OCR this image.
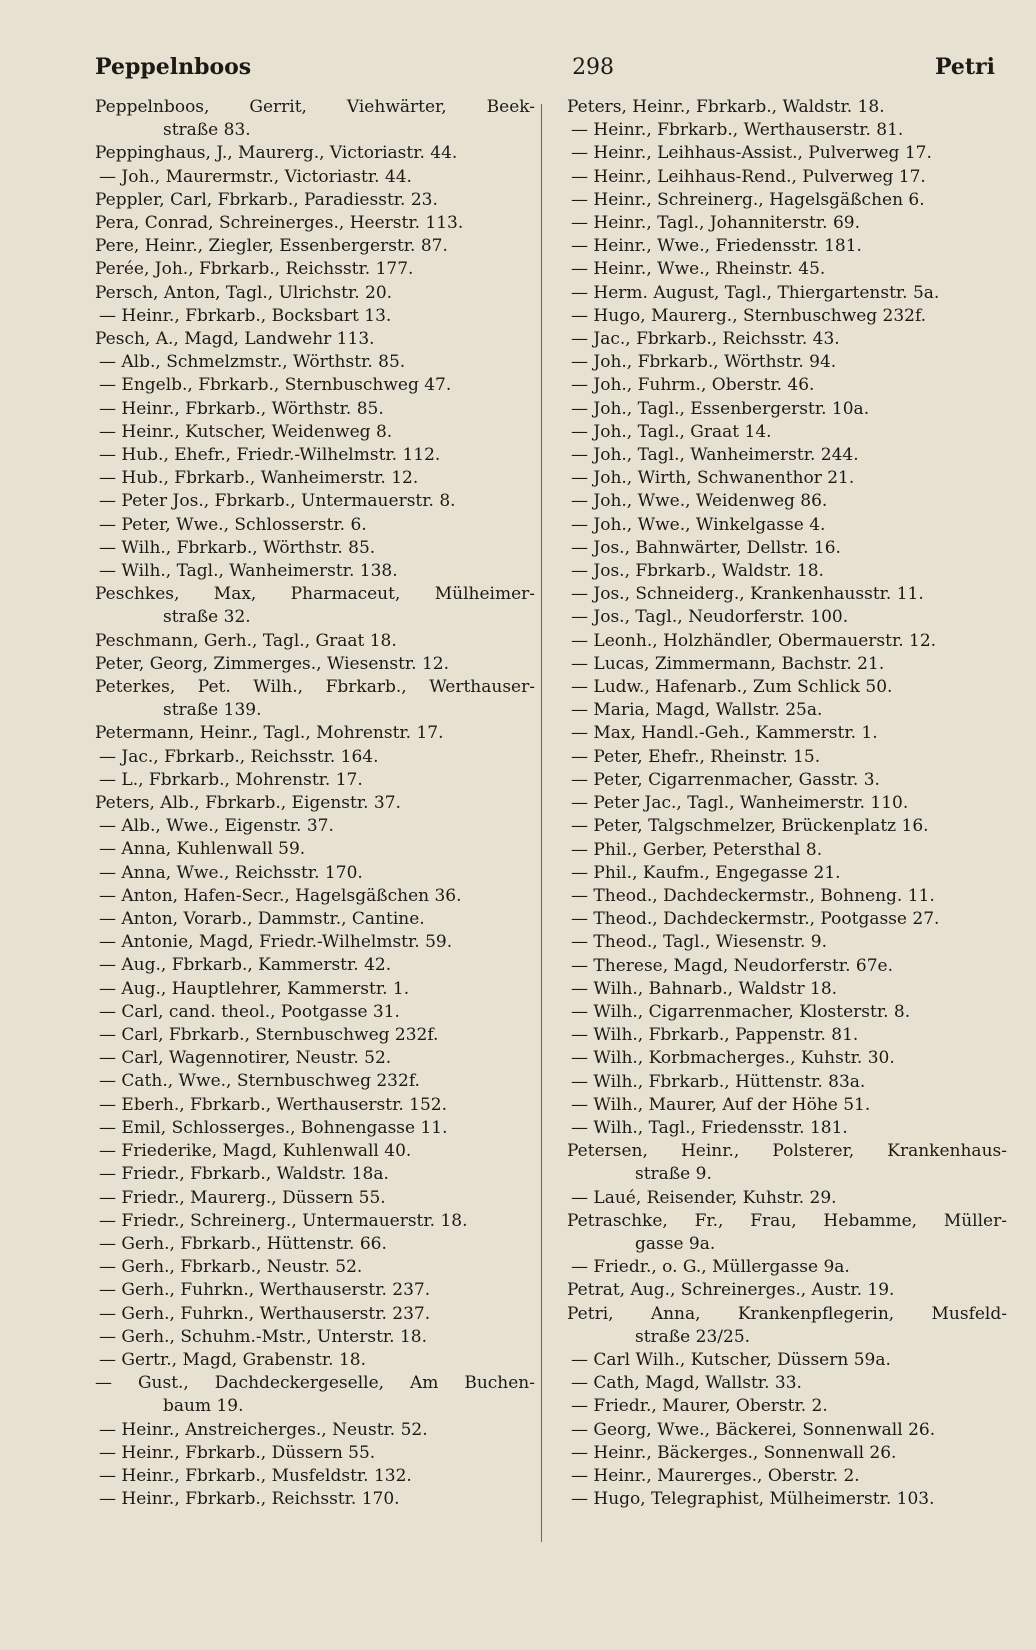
Peppelnboos	298	Petri
Peppelnboos, Gerrit, Viehwärter, Beek-
straße 83.
Peppinghaus, J., Maurerg., Victoriastr. 44.
— Joh., Maurermstr., Victoriastr. 44.
Peppler, Carl, Fbrkarb., Paradiesstr. 23.
Pera, Conrad, Schreinerges., Heerstr. 113.
Pere, Heinr., Ziegler, Essenbergerstr. 87.
Perée, Joh., Fbrkarb., Reichsstr. 177.
Persch, Anton, Tagl., Ulrichstr. 20.
— Heinr., Fbrkarb., Bocksbart 13.
Pesch, A., Magd, Landwehr 113.
— Alb., Schmelzmstr., Wörthstr. 85.
— Engelb., Fbrkarb., Sternbuschweg 47.
— Heinr., Fbrkarb., Wörthstr. 85.
— Heinr., Kutscher, Weidenweg 8.
— Hub., Ehefr., Friedr.-Wilhelmstr. 112.
— Hub., Fbrkarb., Wanheimerstr. 12.
— Peter Jos., Fbrkarb., Untermauerstr. 8.
— Peter, Wwe., Schlosserstr. 6.
— Wilh., Fbrkarb., Wörthstr. 85.
— Wilh., Tagl., Wanheimerstr. 138.
Peschkes, Max, Pharmaceut, Mülheimer-
straße 32.
Peschmann, Gerh., Tagl., Graat 18.
Peter, Georg, Zimmerges., Wiesenstr. 12.
Peterkes, Pet. Wilh., Fbrkarb., Werthauser-
straße 139.
Petermann, Heinr., Tagl., Mohrenstr. 17.
— Jac., Fbrkarb., Reichsstr. 164.
— L., Fbrkarb., Mohrenstr. 17.
Peters, Alb., Fbrkarb., Eigenstr. 37.
— Alb., Wwe., Eigenstr. 37.
— Anna, Kuhlenwall 59.
— Anna, Wwe., Reichsstr. 170.
— Anton, Hafen-Secr., Hagelsgäßchen 36.
— Anton, Vorarb., Dammstr., Cantine.
— Antonie, Magd, Friedr.-Wilhelmstr. 59.
— Aug., Fbrkarb., Kammerstr. 42.
— Aug., Hauptlehrer, Kammerstr. 1.
— Carl, cand. theol., Pootgasse 31.
— Carl, Fbrkarb., Sternbuschweg 232f.
— Carl, Wagennotirer, Neustr. 52.
— Cath., Wwe., Sternbuschweg 232f.
— Eberh., Fbrkarb., Werthauserstr. 152.
— Emil, Schlosserges., Bohnengasse 11.
— Friederike, Magd, Kuhlenwall 40.
— Friedr., Fbrkarb., Waldstr. 18a.
— Friedr., Maurerg., Düssern 55.
— Friedr., Schreinerg., Untermauerstr. 18.
— Gerh., Fbrkarb., Hüttenstr. 66.
— Gerh., Fbrkarb., Neustr. 52.
— Gerh., Fuhrkn., Werthauserstr. 237.
— Gerh., Fuhrkn., Werthauserstr. 237.
— Gerh., Schuhm.-Mstr., Unterstr. 18.
— Gertr., Magd, Grabenstr. 18.
— Gust., Dachdeckergeselle, Am Buchen-
baum 19.
— Heinr., Anstreicherges., Neustr. 52.
— Heinr., Fbrkarb., Düssern 55.
— Heinr., Fbrkarb., Musfeldstr. 132.
— Heinr., Fbrkarb., Reichsstr. 170.
Peters, Heinr., Fbrkarb., Waldstr. 18.
— Heinr., Fbrkarb., Werthauserstr. 81.
— Heinr., Leihhaus-Assist., Pulverweg 17.
— Heinr., Leihhaus-Rend., Pulverweg 17.
— Heinr., Schreinerg., Hagelsgäßchen 6.
— Heinr., Tagl., Johanniterstr. 69.
— Heinr., Wwe., Friedensstr. 181.
— Heinr., Wwe., Rheinstr. 45.
— Herm. August, Tagl., Thiergartenstr. 5a.
— Hugo, Maurerg., Sternbuschweg 232f.
— Jac., Fbrkarb., Reichsstr. 43.
— Joh., Fbrkarb., Wörthstr. 94.
— Joh., Fuhrm., Oberstr. 46.
— Joh., Tagl., Essenbergerstr. 10a.
— Joh., Tagl., Graat 14.
— Joh., Tagl., Wanheimerstr. 244.
— Joh., Wirth, Schwanenthor 21.
— Joh., Wwe., Weidenweg 86.
— Joh., Wwe., Winkelgasse 4.
— Jos., Bahnwärter, Dellstr. 16.
— Jos., Fbrkarb., Waldstr. 18.
— Jos., Schneiderg., Krankenhausstr. 11.
— Jos., Tagl., Neudorferstr. 100.
— Leonh., Holzhändler, Obermauerstr. 12.
— Lucas, Zimmermann, Bachstr. 21.
— Ludw., Hafenarb., Zum Schlick 50.
— Maria, Magd, Wallstr. 25a.
— Max, Handl.-Geh., Kammerstr. 1.
— Peter, Ehefr., Rheinstr. 15.
— Peter, Cigarrenmacher, Gasstr. 3.
— Peter Jac., Tagl., Wanheimerstr. 110.
— Peter, Talgschmelzer, Brückenplatz 16.
— Phil., Gerber, Petersthal 8.
— Phil., Kaufm., Engegasse 21.
— Theod., Dachdeckermstr., Bohneng. 11.
— Theod., Dachdeckermstr., Pootgasse 27.
— Theod., Tagl., Wiesenstr. 9.
— Therese, Magd, Neudorferstr. 67e.
— Wilh., Bahnarb., Waldstr 18.
— Wilh., Cigarrenmacher, Klosterstr. 8.
— Wilh., Fbrkarb., Pappenstr. 81.
— Wilh., Korbmacherges., Kuhstr. 30.
— Wilh., Fbrkarb., Hüttenstr. 83a.
— Wilh., Maurer, Auf der Höhe 51.
— Wilh., Tagl., Friedensstr. 181.
Petersen, Heinr., Polsterer, Krankenhaus-
straße 9.
— Laué, Reisender, Kuhstr. 29.
Petraschke, Fr., Frau, Hebamme, Müller-
gasse 9a.
— Friedr., o. G., Müllergasse 9a.
Petrat, Aug., Schreinerges., Austr. 19.
Petri, Anna, Krankenpflegerin, Musfeld-
straße 23/25.
— Carl Wilh., Kutscher, Düssern 59a.
— Cath, Magd, Wallstr. 33.
— Friedr., Maurer, Oberstr. 2.
— Georg, Wwe., Bäckerei, Sonnenwall 26.
— Heinr., Bäckerges., Sonnenwall 26.
— Heinr., Maurerges., Oberstr. 2.
— Hugo, Telegraphist, Mülheimerstr. 103.
